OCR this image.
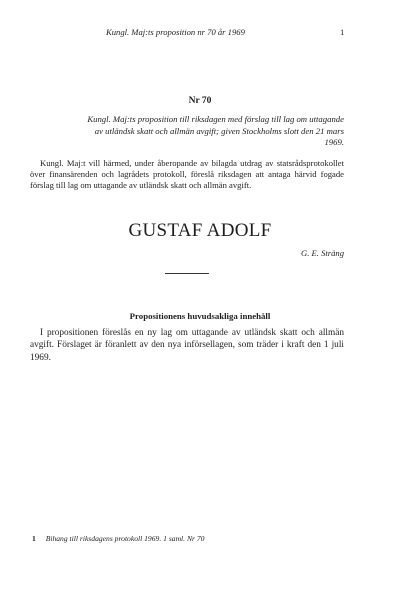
Kungl. Maj:ts proposition nr 70 år 1969	1
Nr 70
Kungl. Maj:ts proposition till riksdagen med förslag till lag om uttagande av utländsk skatt och allmän avgift; given Stockholms slott den 21 mars 1969.
Kungl. Maj:t vill härmed, under åberopande av bilagda utdrag av statsrådsprotokollet över finansärenden och lagrådets protokoll, föreslå riksdagen att antaga härvid fogade förslag till lag om uttagande av utländsk skatt och allmän avgift.
GUSTAF ADOLF
G. E. Sträng
Propositionens huvudsakliga innehåll
I propositionen föreslås en ny lag om uttagande av utländsk skatt och allmän avgift. Förslaget är föranlett av den nya införsellagen, som träder i kraft den 1 juli 1969.
1 Bihang till riksdagens protokoll 1969. 1 saml. Nr 70
